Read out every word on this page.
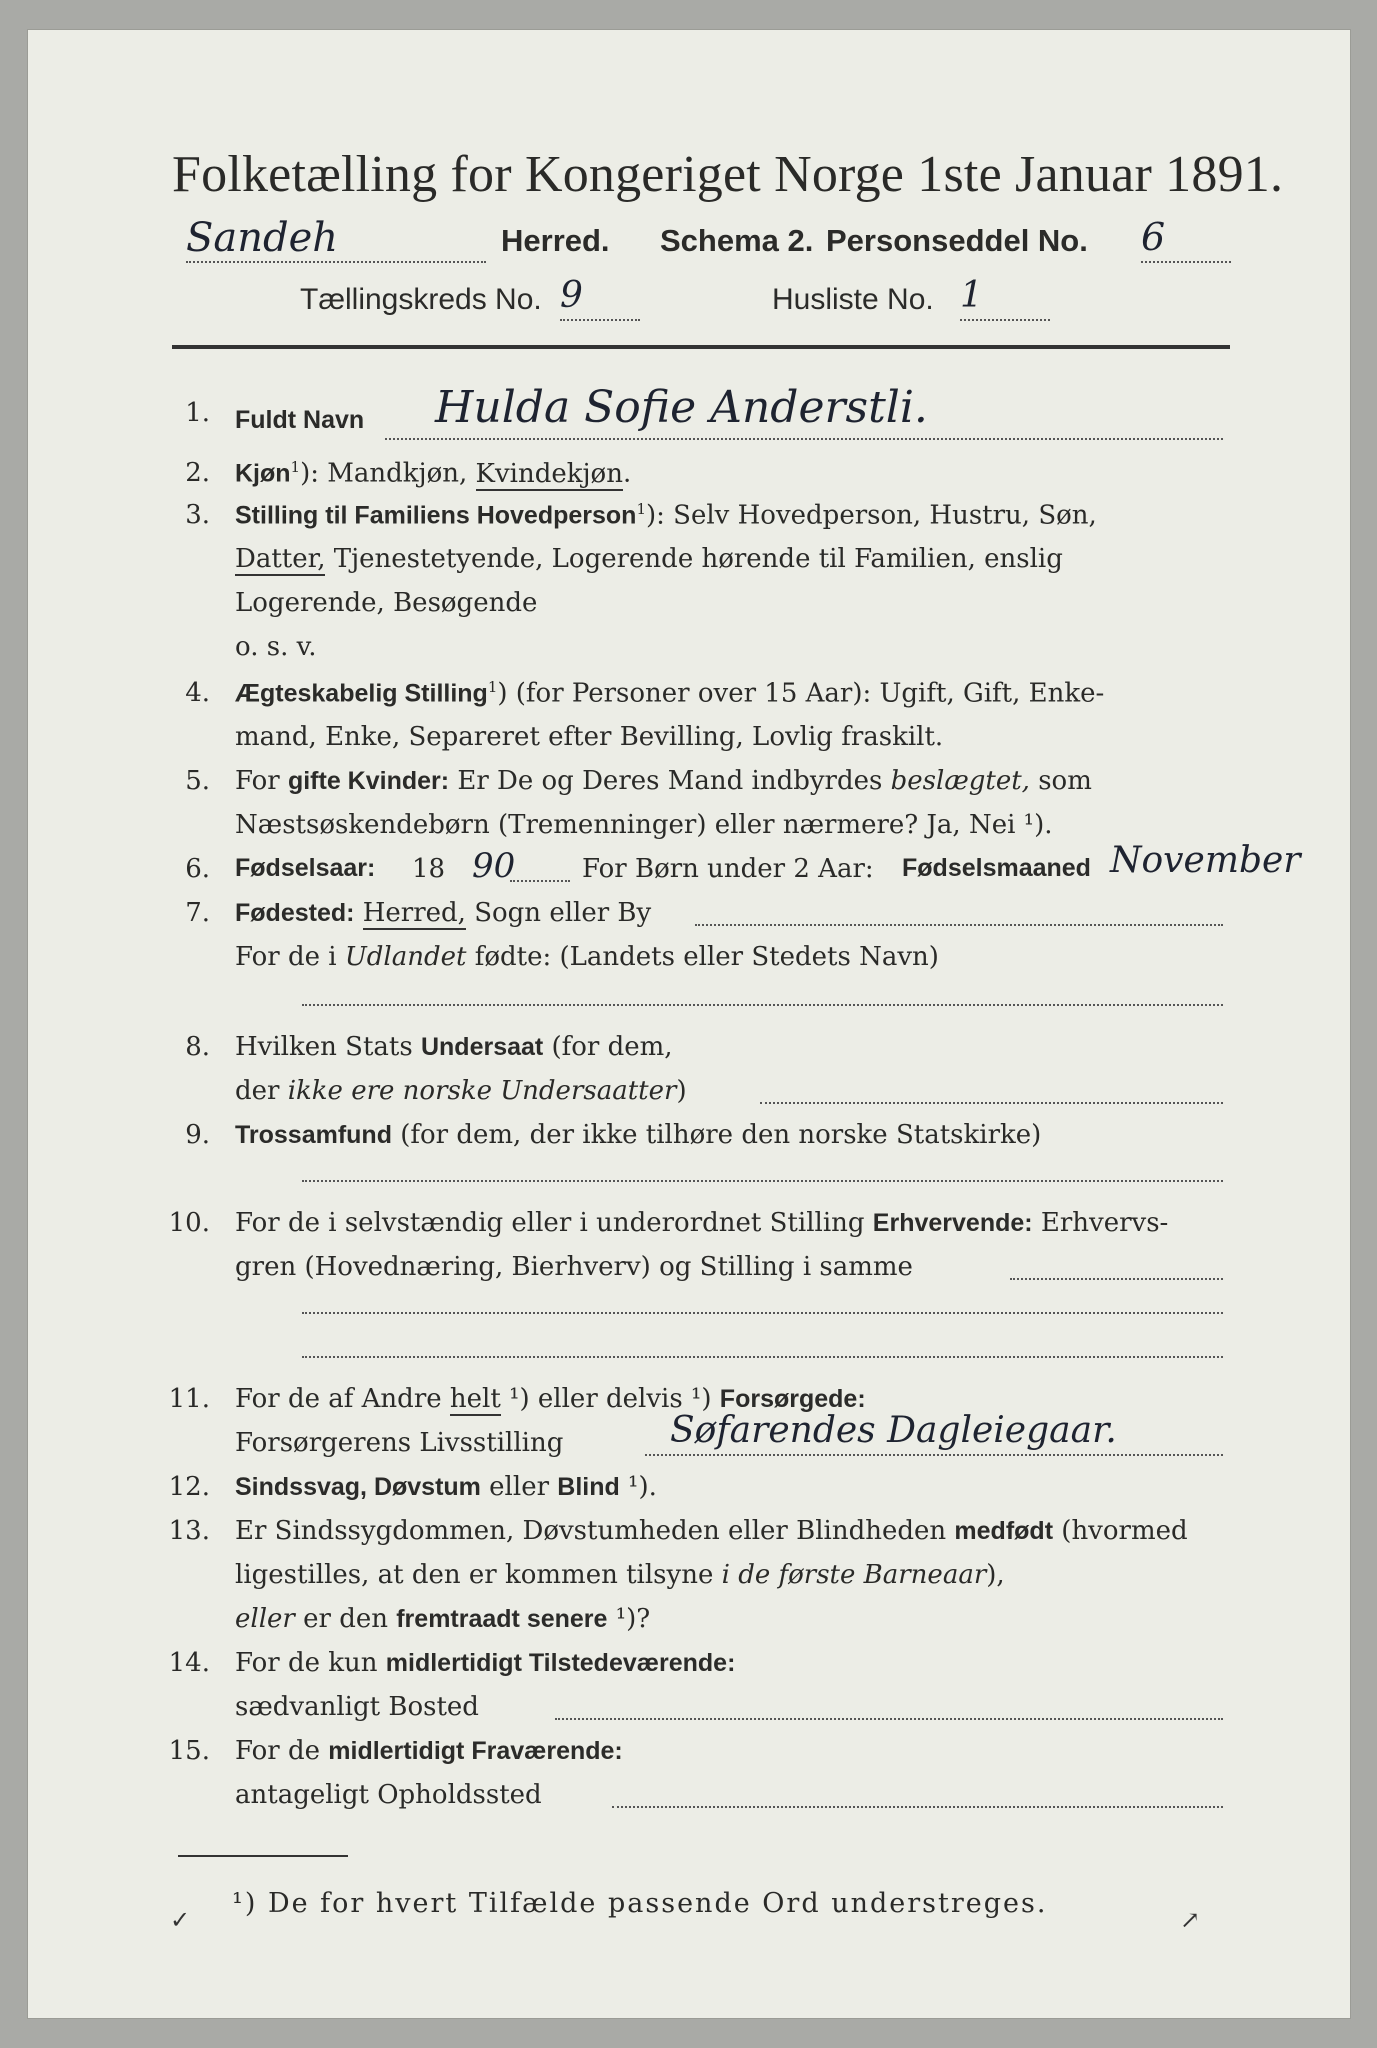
Folketælling for Kongeriget Norge 1ste Januar 1891.
Sandeh	Herred. Schema 2. Personseddel No. 6
Tællingskreds No. 9	Husliste No. 1
1. Fuldt Navn Hulda Sofie Anderstli.
2. Kjøn$^1$): Mandkjøn, Kvindekjøn.
3. Stilling til Familiens Hovedperson$^1$): Selv Hovedperson, Hustru, Søn,
Datter, Tjenestetyende, Logerende hørende til Familien, enslig
Logerende, Besøgende
o. s. v.
4. Ægteskabelig Stilling$^1$) (for Personer over 15 Aar): Ugift, Gift, Enke-
mand, Enke, Separeret efter Bevilling, Lovlig fraskilt.
5. For gifte Kvinder: Er De og Deres Mand indbyrdes beslægtet, som
Næstsøskendebørn (Tremenninger) eller nærmere? Ja, Nei ¹).
6. Fødselsaar: 18 90	For Børn under 2 Aar: Fødselsmaaned November
7. Fødested: Herred, Sogn eller By
For de i Udlandet fødte: (Landets eller Stedets Navn)
8. Hvilken Stats Undersaat (for dem,
der ikke ere norske Undersaatter)
9. Trossamfund (for dem, der ikke tilhøre den norske Statskirke)
10. For de i selvstændig eller i underordnet Stilling Erhvervende: Erhvervs-
gren (Hovednæring, Bierhverv) og Stilling i samme
11. For de af Andre helt ¹) eller delvis ¹) Forsørgede:
Forsørgerens Livsstilling	Søfarendes Dagleiegaar.
12. Sindssvag, Døvstum eller Blind ¹).
13. Er Sindssygdommen, Døvstumheden eller Blindheden medfødt (hvormed
ligestilles, at den er kommen tilsyne i de første Barneaar),
eller er den fremtraadt senere ¹)?
14. For de kun midlertidigt Tilstedeværende:
sædvanligt Bosted
15. For de midlertidigt Fraværende:
antageligt Opholdssted
¹) De for hvert Tilfælde passende Ord understreges.
✓	↗
